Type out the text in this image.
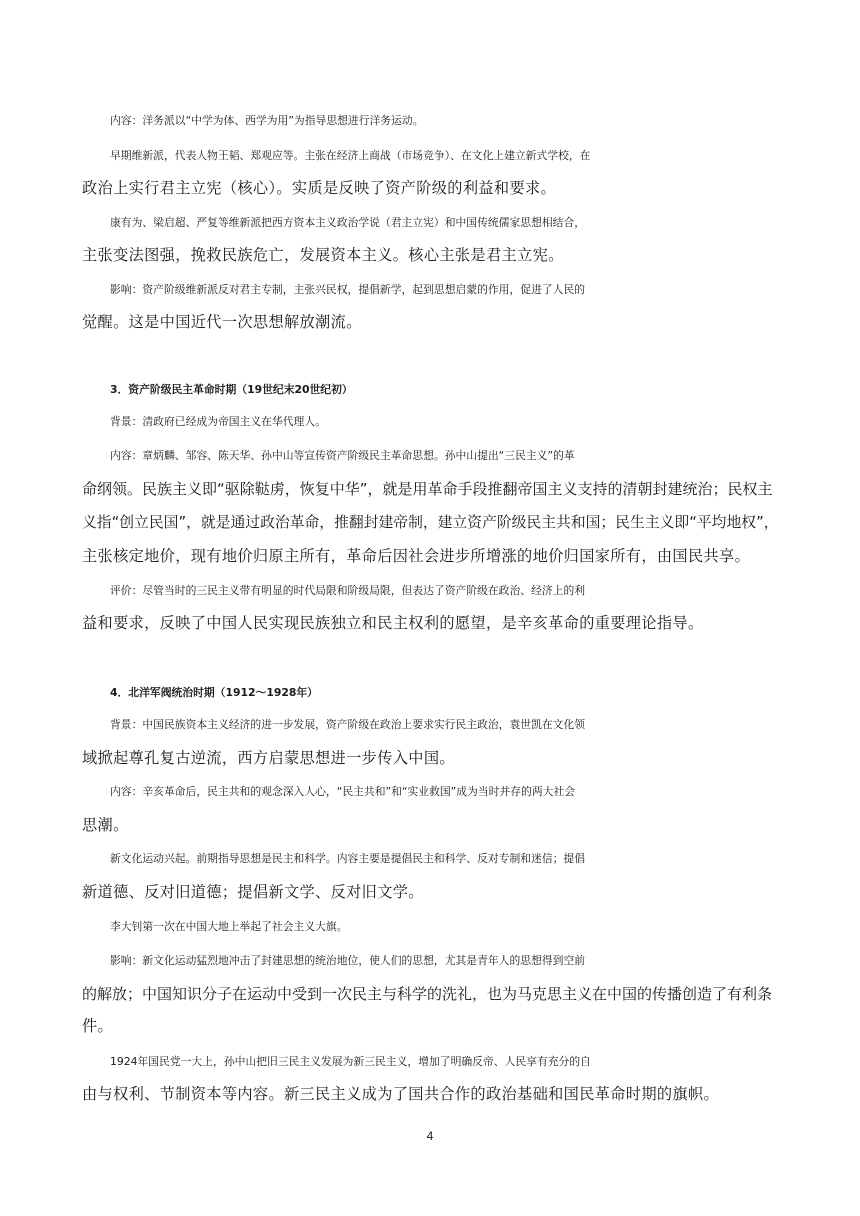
内容：洋务派以“中学为体、西学为用”为指导思想进行洋务运动。
早期维新派，代表人物王韬、郑观应等。主张在经济上商战（市场竞争）、在文化上建立新式学校，在
政治上实行君主立宪（核心）。实质是反映了资产阶级的利益和要求。
康有为、梁启超、严复等维新派把西方资本主义政治学说（君主立宪）和中国传统儒家思想相结合，
主张变法图强，挽救民族危亡，发展资本主义。核心主张是君主立宪。
影响：资产阶级维新派反对君主专制，主张兴民权，提倡新学，起到思想启蒙的作用，促进了人民的
觉醒。这是中国近代一次思想解放潮流。
3．资产阶级民主革命时期（19世纪末20世纪初）
背景：清政府已经成为帝国主义在华代理人。
内容：章炳麟、邹容、陈天华、孙中山等宣传资产阶级民主革命思想。孙中山提出“三民主义”的革
命纲领。民族主义即“驱除鞑虏，恢复中华”，就是用革命手段推翻帝国主义支持的清朝封建统治；民权主
义指“创立民国”，就是通过政治革命，推翻封建帝制，建立资产阶级民主共和国；民生主义即“平均地权”，
主张核定地价，现有地价归原主所有，革命后因社会进步所增涨的地价归国家所有，由国民共享。
评价：尽管当时的三民主义带有明显的时代局限和阶级局限，但表达了资产阶级在政治、经济上的利
益和要求，反映了中国人民实现民族独立和民主权利的愿望，是辛亥革命的重要理论指导。
4．北洋军阀统治时期（1912～1928年）
背景：中国民族资本主义经济的进一步发展，资产阶级在政治上要求实行民主政治，袁世凯在文化领
域掀起尊孔复古逆流，西方启蒙思想进一步传入中国。
内容：辛亥革命后，民主共和的观念深入人心，“民主共和”和“实业救国”成为当时并存的两大社会
思潮。
新文化运动兴起。前期指导思想是民主和科学。内容主要是提倡民主和科学、反对专制和迷信；提倡
新道德、反对旧道德；提倡新文学、反对旧文学。
李大钊第一次在中国大地上举起了社会主义大旗。
影响：新文化运动猛烈地冲击了封建思想的统治地位，使人们的思想，尤其是青年人的思想得到空前
的解放；中国知识分子在运动中受到一次民主与科学的洗礼，也为马克思主义在中国的传播创造了有利条
件。
1924年国民党一大上，孙中山把旧三民主义发展为新三民主义，增加了明确反帝、人民享有充分的自
由与权利、节制资本等内容。新三民主义成为了国共合作的政治基础和国民革命时期的旗帜。
4
